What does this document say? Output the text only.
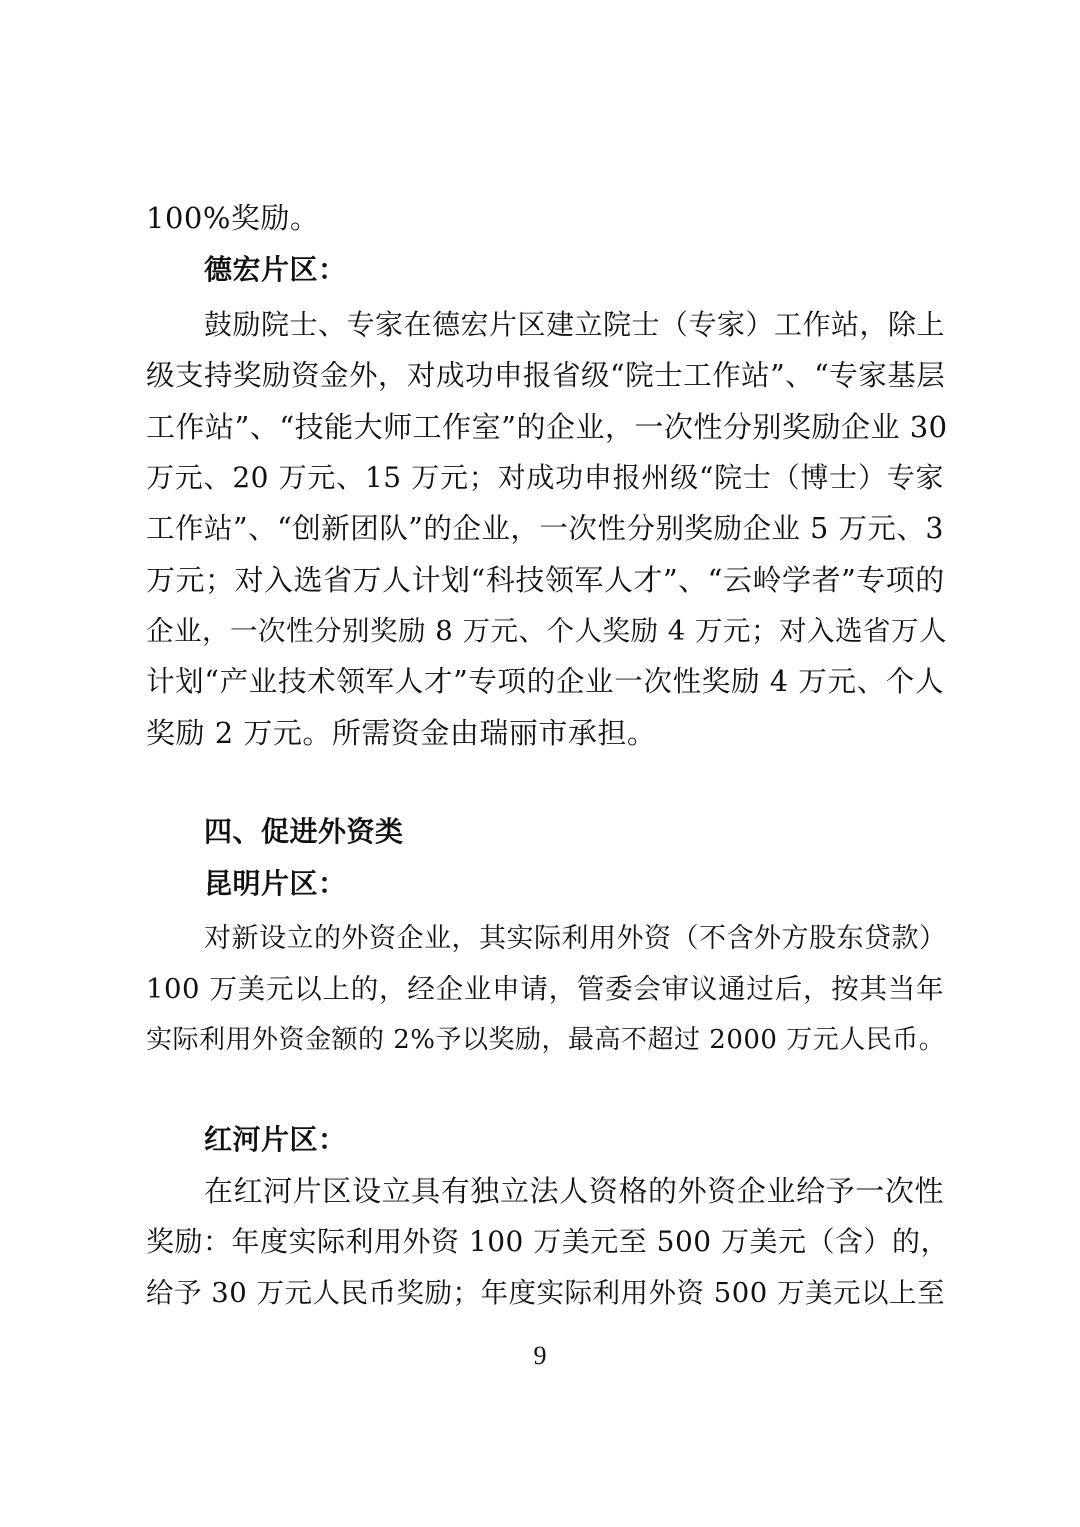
100%奖励。
德宏片区：
鼓励院士、专家在德宏片区建立院士（专家）工作站，除上
级支持奖励资金外，对成功申报省级“院士工作站”、“专家基层
工作站”、“技能大师工作室”的企业，一次性分别奖励企业 30
万元、20 万元、15 万元；对成功申报州级“院士（博士）专家
工作站”、“创新团队”的企业，一次性分别奖励企业 5 万元、3
万元；对入选省万人计划“科技领军人才”、“云岭学者”专项的
企业，一次性分别奖励 8 万元、个人奖励 4 万元；对入选省万人
计划“产业技术领军人才”专项的企业一次性奖励 4 万元、个人
奖励 2 万元。所需资金由瑞丽市承担。
四、促进外资类
昆明片区：
对新设立的外资企业，其实际利用外资（不含外方股东贷款）
100 万美元以上的，经企业申请，管委会审议通过后，按其当年
实际利用外资金额的 2%予以奖励，最高不超过 2000 万元人民币。
红河片区：
在红河片区设立具有独立法人资格的外资企业给予一次性
奖励：年度实际利用外资 100 万美元至 500 万美元（含）的，
给予 30 万元人民币奖励；年度实际利用外资 500 万美元以上至
9
